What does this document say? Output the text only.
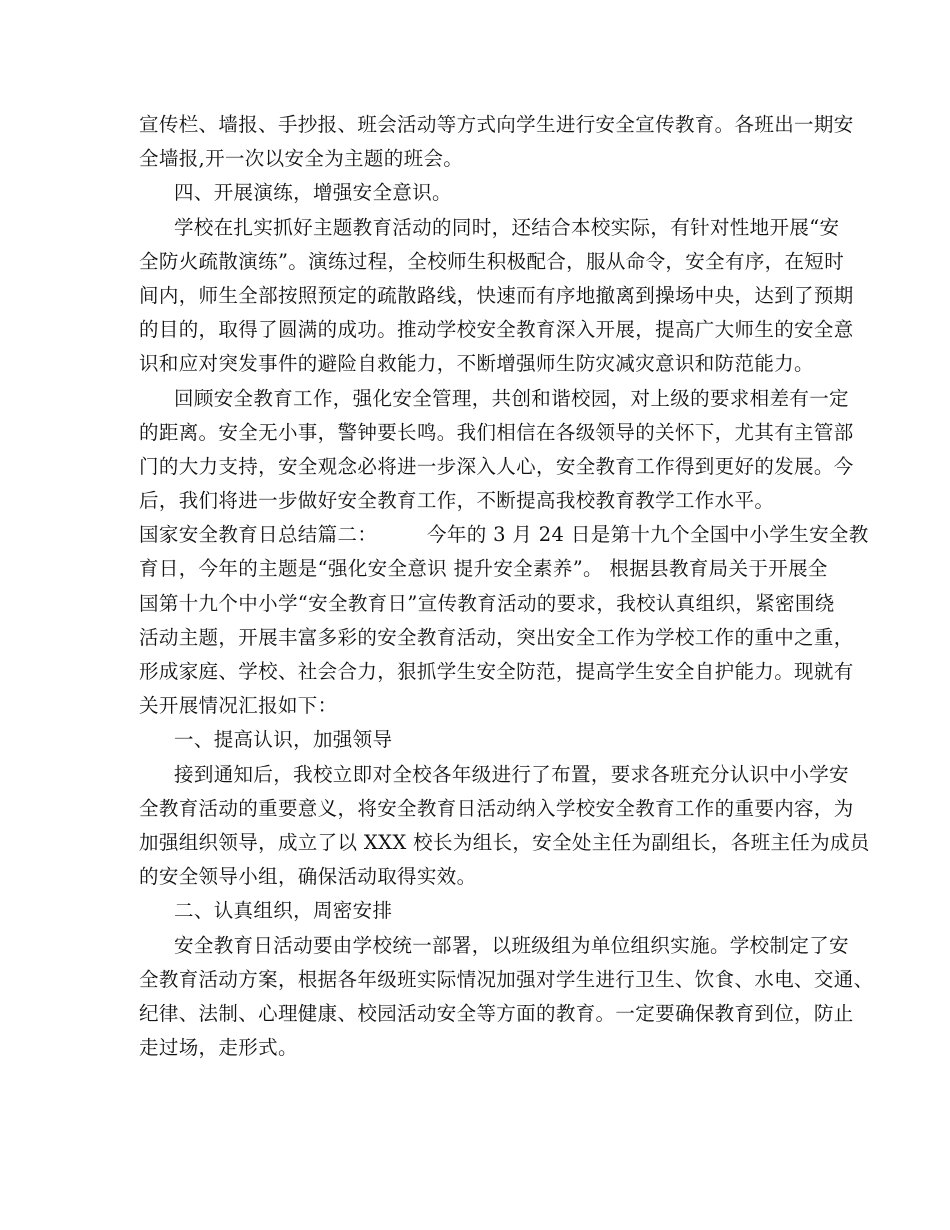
宣传栏、墙报、手抄报、班会活动等方式向学生进行安全宣传教育。各班出一期安
全墙报,开一次以安全为主题的班会。
四、开展演练，增强安全意识。
学校在扎实抓好主题教育活动的同时，还结合本校实际，有针对性地开展“安
全防火疏散演练”。演练过程，全校师生积极配合，服从命令，安全有序，在短时
间内，师生全部按照预定的疏散路线，快速而有序地撤离到操场中央，达到了预期
的目的，取得了圆满的成功。推动学校安全教育深入开展，提高广大师生的安全意
识和应对突发事件的避险自救能力，不断增强师生防灾减灾意识和防范能力。
回顾安全教育工作，强化安全管理，共创和谐校园，对上级的要求相差有一定
的距离。安全无小事，警钟要长鸣。我们相信在各级领导的关怀下，尤其有主管部
门的大力支持，安全观念必将进一步深入人心，安全教育工作得到更好的发展。今
后，我们将进一步做好安全教育工作，不断提高我校教育教学工作水平。
国家安全教育日总结篇二：　　　今年的 3 月 24 日是第十九个全国中小学生安全教
育日，今年的主题是“强化安全意识 提升安全素养”。 根据县教育局关于开展全
国第十九个中小学“安全教育日”宣传教育活动的要求，我校认真组织，紧密围绕
活动主题，开展丰富多彩的安全教育活动，突出安全工作为学校工作的重中之重，
形成家庭、学校、社会合力，狠抓学生安全防范，提高学生安全自护能力。现就有
关开展情况汇报如下：
一、提高认识，加强领导
接到通知后，我校立即对全校各年级进行了布置，要求各班充分认识中小学安
全教育活动的重要意义，将安全教育日活动纳入学校安全教育工作的重要内容，为
加强组织领导，成立了以 XXX 校长为组长，安全处主任为副组长，各班主任为成员
的安全领导小组，确保活动取得实效。
二、认真组织，周密安排
安全教育日活动要由学校统一部署，以班级组为单位组织实施。学校制定了安
全教育活动方案，根据各年级班实际情况加强对学生进行卫生、饮食、水电、交通、
纪律、法制、心理健康、校园活动安全等方面的教育。一定要确保教育到位，防止
走过场，走形式。
